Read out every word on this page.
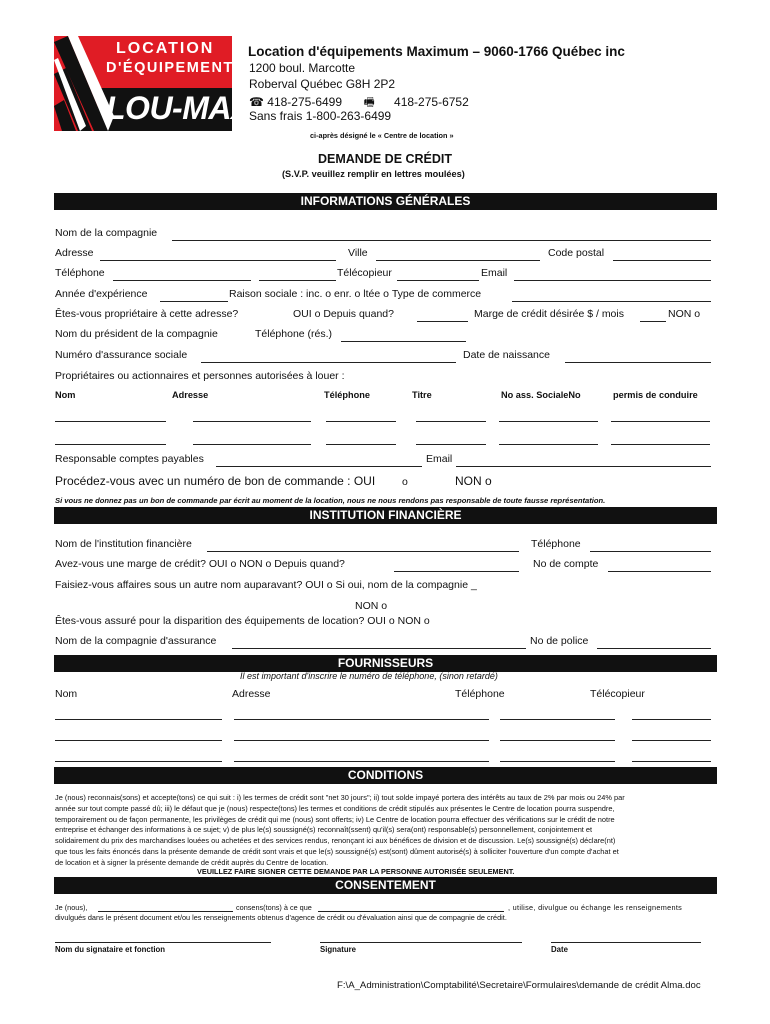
LOCATION
D'ÉQUIPEMENTS
LOU-MAX
Location d'équipements Maximum – 9060-1766 Québec inc
1200 boul. Marcotte
Roberval Québec G8H 2P2
☎ 418-275-6499 🖷 418-275-6752
Sans frais 1-800-263-6499
ci-après désigné le « Centre de location »
DEMANDE DE CRÉDIT
(S.V.P. veuillez remplir en lettres moulées)
INFORMATIONS GÉNÉRALES
Nom de la compagnie
Adresse	Ville	Code postal
Téléphone	Télécopieur	Email
Année d'expérience	Raison sociale : inc. ο enr. ο ltée ο Type de commerce
Êtes-vous propriétaire à cette adresse?	OUI ο Depuis quand?	Marge de crédit désirée $ / mois	NON ο
Nom du président de la compagnie	Téléphone (rés.)
Numéro d'assurance sociale	Date de naissance
Propriétaires ou actionnaires et personnes autorisées à louer :
Nom	Adresse	Téléphone	Titre	No ass. SocialeNo	permis de conduire
Responsable comptes payables	Email
Procédez-vous avec un numéro de bon de commande : OUI	ο	NON ο
Si vous ne donnez pas un bon de commande par écrit au moment de la location, nous ne nous rendons pas responsable de toute fausse représentation.
INSTITUTION FINANCIÈRE
Nom de l'institution financière	Téléphone
Avez-vous une marge de crédit? OUI ο NON ο Depuis quand?	No de compte
Faisiez-vous affaires sous un autre nom auparavant? OUI ο Si oui, nom de la compagnie _
NON ο
Êtes-vous assuré pour la disparition des équipements de location? OUI ο NON ο
Nom de la compagnie d'assurance	No de police
FOURNISSEURS
Il est important d'inscrire le numéro de téléphone, (sinon retardé)
Nom	Adresse	Téléphone	Télécopieur
CONDITIONS
Je (nous) reconnais(sons) et accepte(tons) ce qui suit : i) les termes de crédit sont "net 30 jours"; ii) tout solde impayé portera des intérêts au taux de 2% par mois ou 24% par
année sur tout compte passé dû; iii) le défaut que je (nous) respecte(tons) les termes et conditions de crédit stipulés aux présentes le Centre de location pourra suspendre,
temporairement ou de façon permanente, les privilèges de crédit qui me (nous) sont offerts; iv) Le Centre de location pourra effectuer des vérifications sur le crédit de notre
entreprise et échanger des informations à ce sujet; v) de plus le(s) soussigné(s) reconnaît(ssent) qu'il(s) sera(ont) responsable(s) personnellement, conjointement et
solidairement du prix des marchandises louées ou achetées et des services rendus, renonçant ici aux bénéfices de division et de discussion. Le(s) soussigné(s) déclare(nt)
que tous les faits énoncés dans la présente demande de crédit sont vrais et que le(s) soussigné(s) est(sont) dûment autorisé(s) à solliciter l'ouverture d'un compte d'achat et
de location et à signer la présente demande de crédit auprès du Centre de location.
VEUILLEZ FAIRE SIGNER CETTE DEMANDE PAR LA PERSONNE AUTORISÉE SEULEMENT.
CONSENTEMENT
Je (nous),	consens(tons) à ce que	, utilise, divulgue ou échange les renseignements
divulgués dans le présent document et/ou les renseignements obtenus d'agence de crédit ou d'évaluation ainsi que de compagnie de crédit.
Nom du signataire et fonction	Signature	Date
F:\A_Administration\Comptabilité\Secretaire\Formulaires\demande de crédit Alma.doc
